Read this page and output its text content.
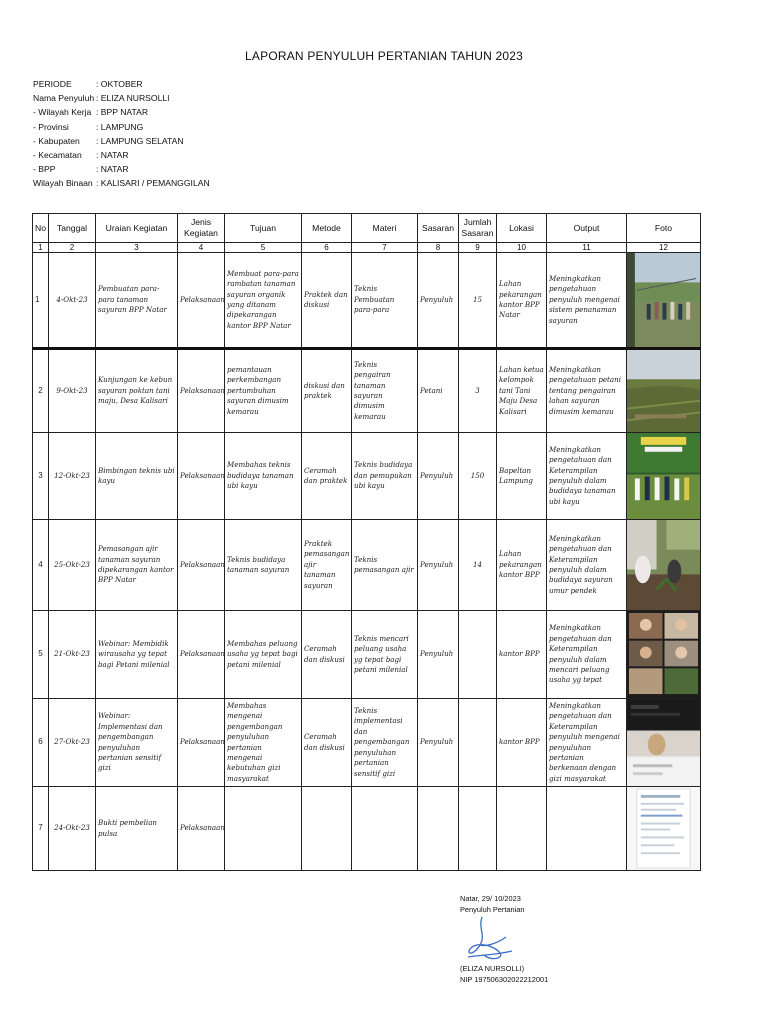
LAPORAN PENYULUH PERTANIAN TAHUN 2023
PERIODE	: OKTOBER
Nama Penyuluh : ELIZA NURSOLLI
- Wilayah Kerja : BPP NATAR
- Provinsi	: LAMPUNG
- Kabupaten	: LAMPUNG SELATAN
- Kecamatan	: NATAR
- BPP	: NATAR
Wilayah Binaan : KALISARI / PEMANGGILAN
No	Tanggal	Uraian Kegiatan	Jenis Kegiatan	Tujuan	Metode	Materi	Sasaran	Jumlah Sasaran	Lokasi	Output	Foto
1	2	3	4	5	6	7	8	9	10	11	12
1	4-Okt-23	Pembuatan para-para tanaman sayuran BPP Natar	Pelaksanaan	Membuat para-para rambatan tanaman sayuran organik yang ditanam dipekarangan kantor BPP Natar	Praktek dan diskusi	Teknis Pembuatan para-para	Penyuluh	15	Lahan pekarangan kantor BPP Natar	Meningkatkan pengetahuan penyuluh mengenai sistem penanaman sayuran	

2	9-Okt-23	Kunjungan ke kebun sayuran poktan tani maju, Desa Kalisari	Pelaksanaan	pemantauan perkembangan pertumbuhan sayuran dimusim kemarau	diskusi dan praktek	Teknis pengairan tanaman sayuran dimusim kemarau	Petani	3	Lahan ketua kelompok tani Tani Maju Desa Kalisari	Meningkatkan pengetahuan petani tentang pengairan lahan sayuran dimusim kemarau	

3	12-Okt-23	Bimbingan teknis ubi kayu	Pelaksanaan	Membahas teknis budidaya tanaman ubi kayu	Ceramah dan praktek	Teknis budidaya dan pemupukan ubi kayu	Penyuluh	150	Bapeltan Lampung	Meningkatkan pengetahuan dan Keterampilan penyuluh dalam budidaya tanaman ubi kayu	

4	25-Okt-23	Pemasangan ajir tanaman sayuran dipekarangan kantor BPP Natar	Pelaksanaan	Teknis budidaya tanaman sayuran	Praktek pemasangan ajir tanaman sayuran	Teknis pemasangan ajir	Penyuluh	14	Lahan pekarangan kantor BPP	Meningkatkan pengetahuan dan Keterampilan penyuluh dalam budidaya sayuran umur pendek	

5	21-Okt-23	Webinar: Membidik wirausaha yg tepat bagi Petani milenial	Pelaksanaan	Membahas peluang usaha yg tepat bagi petani milenial	Ceramah dan diskusi	Teknis mencari peluang usaha yg tepat bagi petani milenial	Penyuluh		kantor BPP	Meningkatkan pengetahuan dan Keterampilan penyuluh dalam mencari peluang usaha yg tepat	

6	27-Okt-23	Webinar: Implementasi dan pengembangan penyuluhan pertanian sensitif gizi	Pelaksanaan	Membahas mengenai pengembangan penyuluhan pertanian mengenai kebutuhan gizi masyarakat	Ceramah dan diskusi	Teknis implementasi dan pengembangan penyuluhan pertanian sensitif gizi	Penyuluh		kantor BPP	Meningkatkan pengetahuan dan Keterampilan penyuluh mengenai penyuluhan pertanian berkenaan dengan gizi masyarakat	

7	24-Okt-23	Bukti pembelian pulsa	Pelaksanaan								
Natar, 29/ 10/2023
Penyuluh Pertanian
(ELIZA NURSOLLI)
NIP 197506302022212001
